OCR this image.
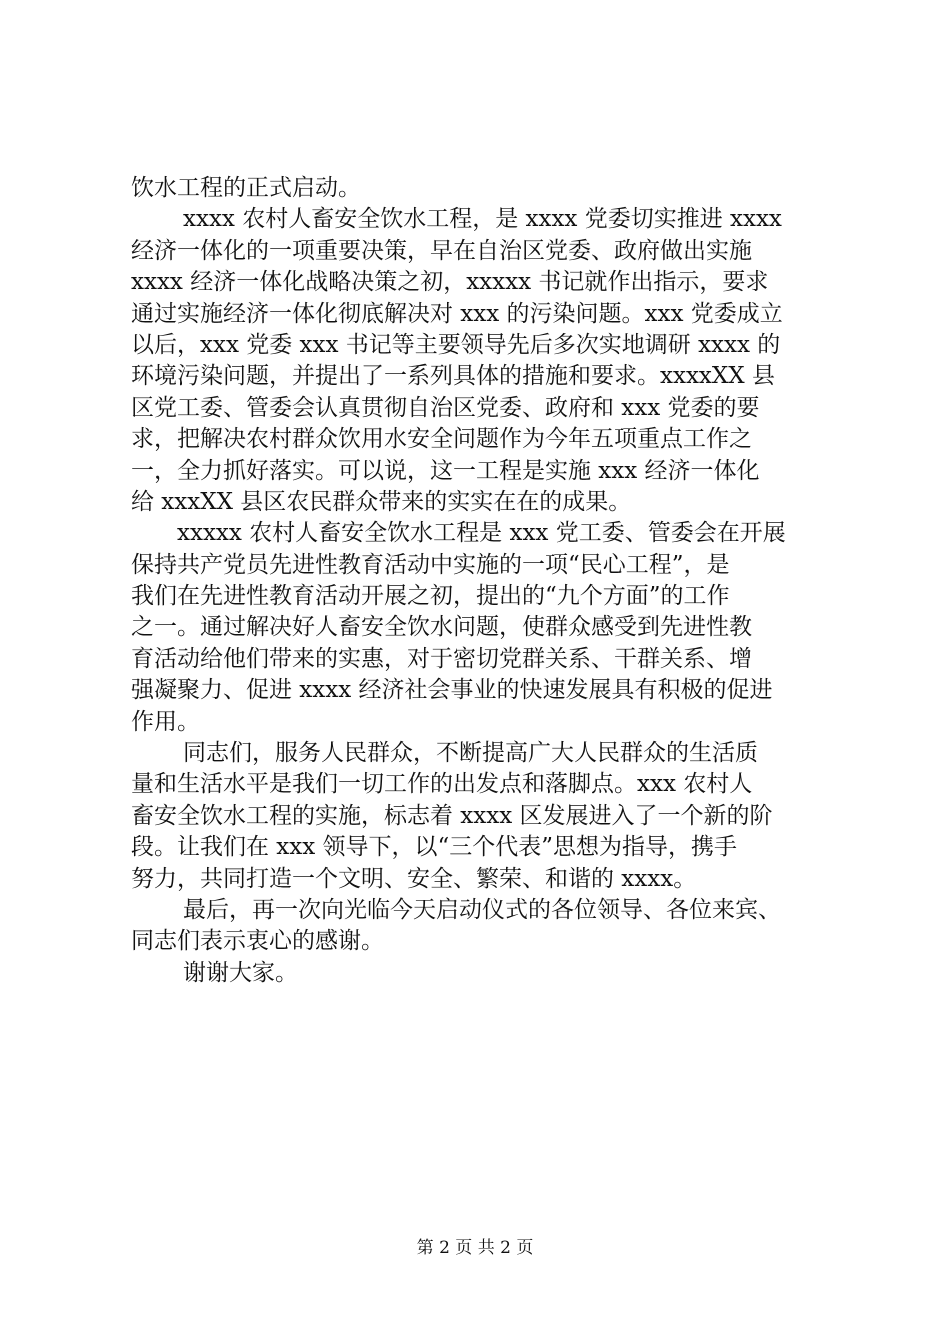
饮水工程的正式启动。
xxxx 农村人畜安全饮水工程，是 xxxx 党委切实推进 xxxx
经济一体化的一项重要决策，早在自治区党委、政府做出实施
xxxx 经济一体化战略决策之初，xxxxx 书记就作出指示，要求
通过实施经济一体化彻底解决对 xxx 的污染问题。xxx 党委成立
以后，xxx 党委 xxx 书记等主要领导先后多次实地调研 xxxx 的
环境污染问题，并提出了一系列具体的措施和要求。xxxxXX 县
区党工委、管委会认真贯彻自治区党委、政府和 xxx 党委的要
求，把解决农村群众饮用水安全问题作为今年五项重点工作之
一，全力抓好落实。可以说，这一工程是实施 xxx 经济一体化
给 xxxXX 县区农民群众带来的实实在在的成果。
xxxxx 农村人畜安全饮水工程是 xxx 党工委、管委会在开展
保持共产党员先进性教育活动中实施的一项“民心工程”，是
我们在先进性教育活动开展之初，提出的“九个方面”的工作
之一。通过解决好人畜安全饮水问题，使群众感受到先进性教
育活动给他们带来的实惠，对于密切党群关系、干群关系、增
强凝聚力、促进 xxxx 经济社会事业的快速发展具有积极的促进
作用。
同志们，服务人民群众，不断提高广大人民群众的生活质
量和生活水平是我们一切工作的出发点和落脚点。xxx 农村人
畜安全饮水工程的实施，标志着 xxxx 区发展进入了一个新的阶
段。让我们在 xxx 领导下，以“三个代表”思想为指导，携手
努力，共同打造一个文明、安全、繁荣、和谐的 xxxx。
最后，再一次向光临今天启动仪式的各位领导、各位来宾、
同志们表示衷心的感谢。
谢谢大家。
第 2 页 共 2 页
